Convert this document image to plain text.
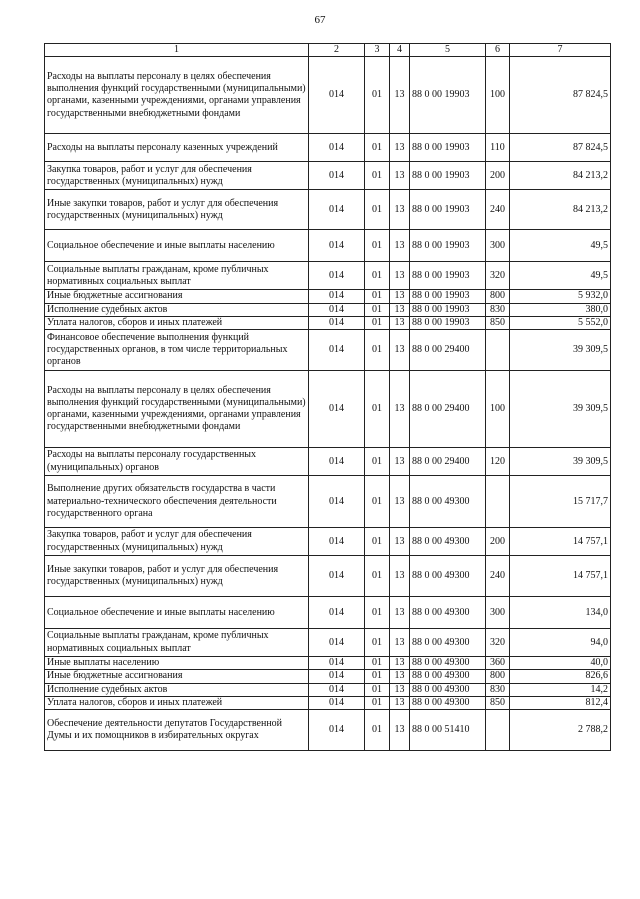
67
1	2	3	4	5	6	7
Расходы на выплаты персоналу в целях обеспечения выполнения функций государственными (муниципальными) органами, казенными учреждениями, органами управления государственными внебюджетными фондами	014	01	13	88 0 00 19903	100	87 824,5
Расходы на выплаты персоналу казенных учреждений	014	01	13	88 0 00 19903	110	87 824,5
Закупка товаров, работ и услуг для обеспечения государственных (муниципальных) нужд	014	01	13	88 0 00 19903	200	84 213,2
Иные закупки товаров, работ и услуг для обеспечения государственных (муниципальных) нужд	014	01	13	88 0 00 19903	240	84 213,2
Социальное обеспечение и иные выплаты населению	014	01	13	88 0 00 19903	300	49,5
Социальные выплаты гражданам, кроме публичных нормативных социальных выплат	014	01	13	88 0 00 19903	320	49,5
Иные бюджетные ассигнования	014	01	13	88 0 00 19903	800	5 932,0
Исполнение судебных актов	014	01	13	88 0 00 19903	830	380,0
Уплата налогов, сборов и иных платежей	014	01	13	88 0 00 19903	850	5 552,0
Финансовое обеспечение выполнения функций государственных органов, в том числе территориальных органов	014	01	13	88 0 00 29400		39 309,5
Расходы на выплаты персоналу в целях обеспечения выполнения функций государственными (муниципальными) органами, казенными учреждениями, органами управления государственными внебюджетными фондами	014	01	13	88 0 00 29400	100	39 309,5
Расходы на выплаты персоналу государственных (муниципальных) органов	014	01	13	88 0 00 29400	120	39 309,5
Выполнение других обязательств государства в части материально-технического обеспечения деятельности государственного органа	014	01	13	88 0 00 49300		15 717,7
Закупка товаров, работ и услуг для обеспечения государственных (муниципальных) нужд	014	01	13	88 0 00 49300	200	14 757,1
Иные закупки товаров, работ и услуг для обеспечения государственных (муниципальных) нужд	014	01	13	88 0 00 49300	240	14 757,1
Социальное обеспечение и иные выплаты населению	014	01	13	88 0 00 49300	300	134,0
Социальные выплаты гражданам, кроме публичных нормативных социальных выплат	014	01	13	88 0 00 49300	320	94,0
Иные выплаты населению	014	01	13	88 0 00 49300	360	40,0
Иные бюджетные ассигнования	014	01	13	88 0 00 49300	800	826,6
Исполнение судебных актов	014	01	13	88 0 00 49300	830	14,2
Уплата налогов, сборов и иных платежей	014	01	13	88 0 00 49300	850	812,4
Обеспечение деятельности депутатов Государственной Думы и их помощников в избирательных округах	014	01	13	88 0 00 51410		2 788,2
